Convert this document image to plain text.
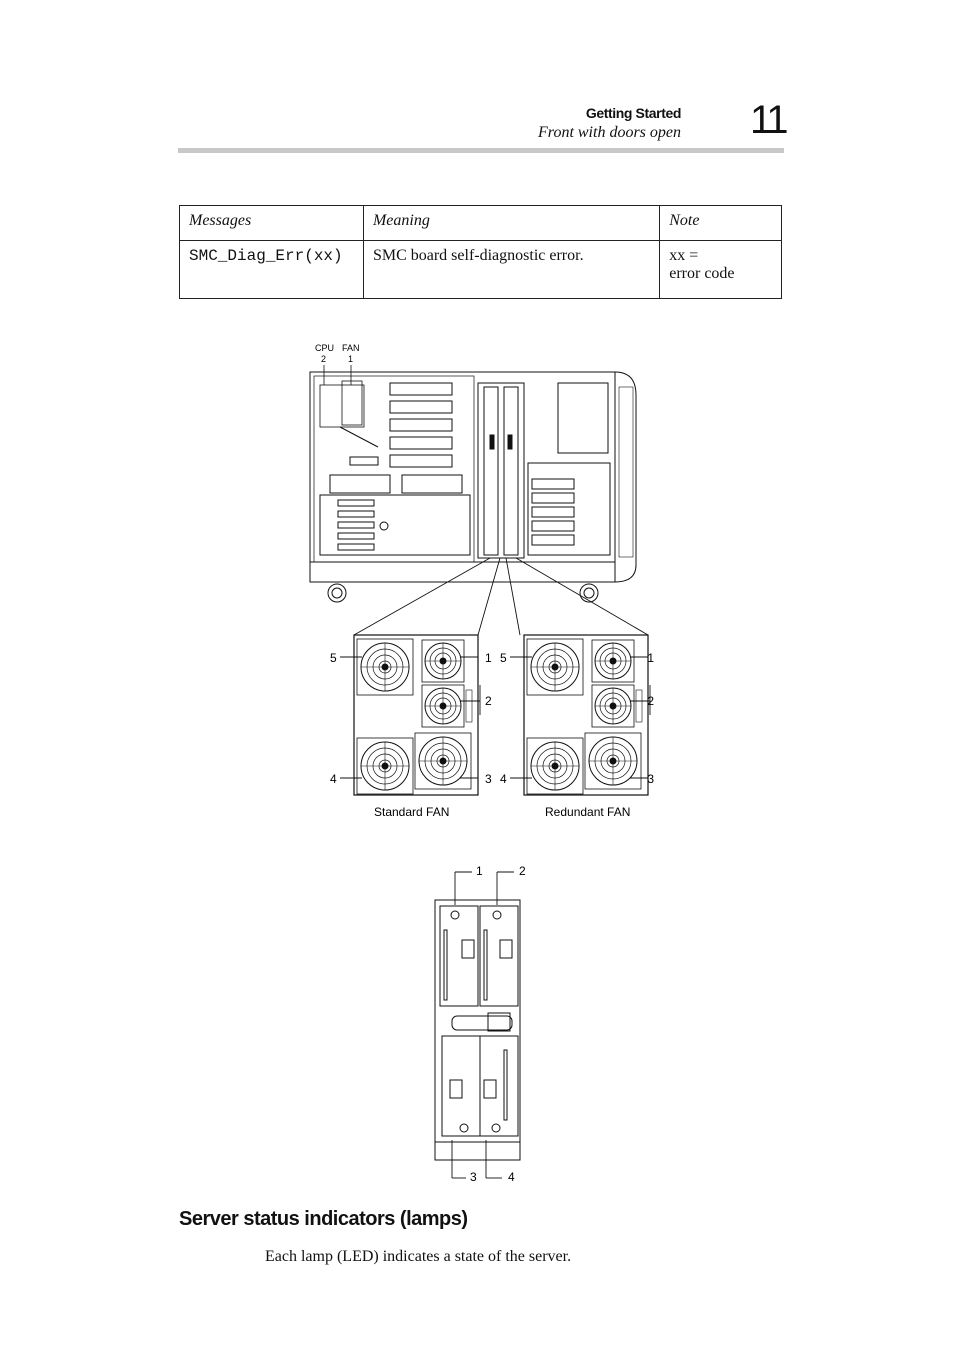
Getting Started
Front with doors open 11
Messages	Meaning	Note
SMC_Diag_Err(xx)	SMC board self-diagnostic error.	xx =
error code
CPU FAN
2 1
5
4
1
2
3
5
4
1
2
3
Standard FAN	Redundant FAN
1	2
3	4
Server status indicators (lamps)
Each lamp (LED) indicates a state of the server.
